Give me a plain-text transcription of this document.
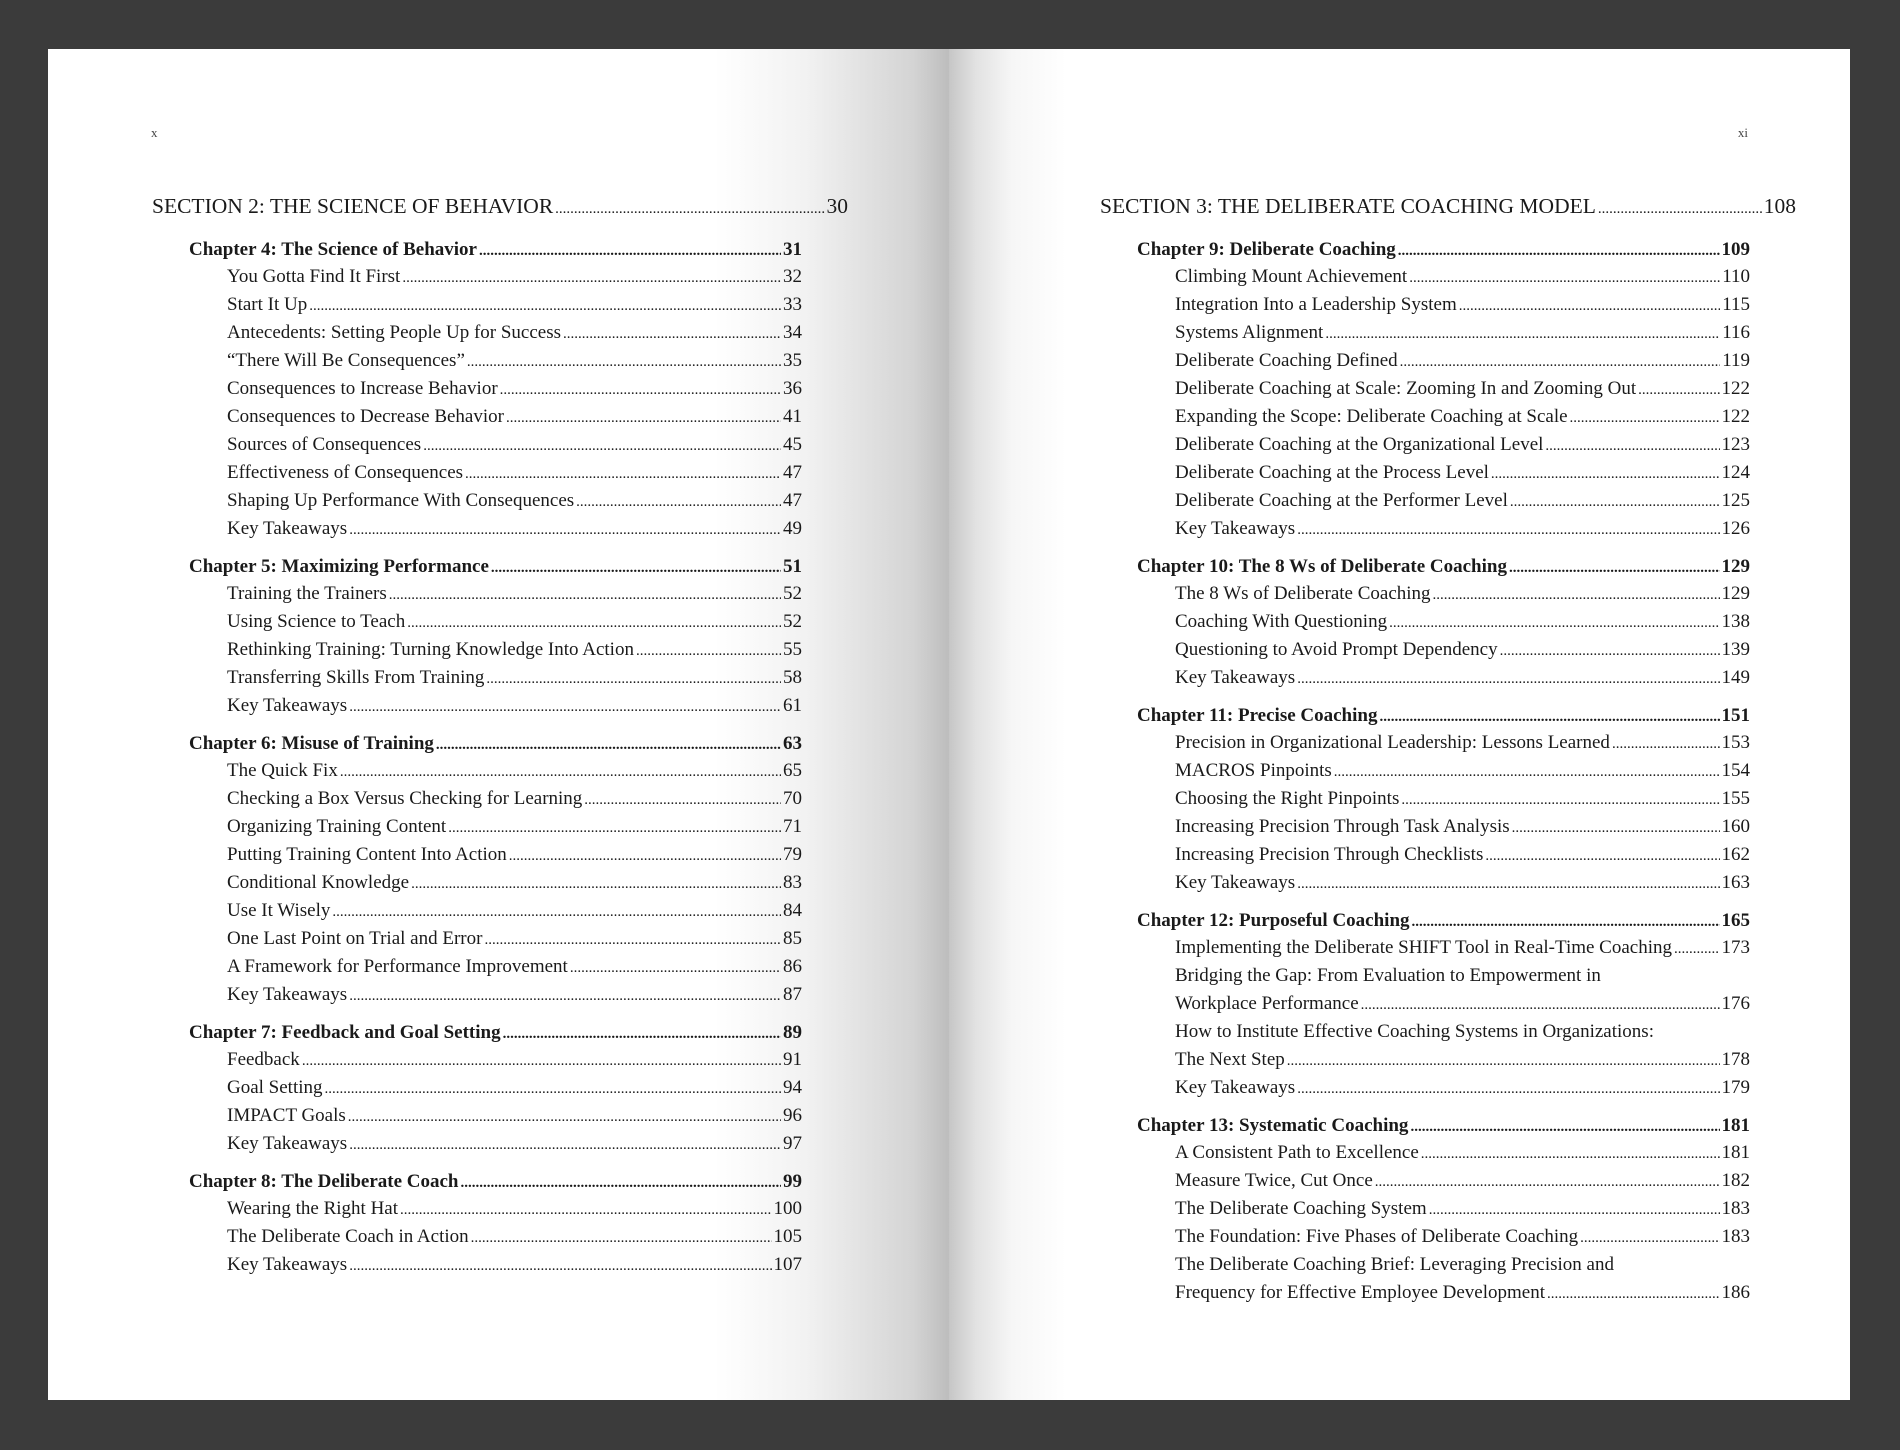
x
SECTION 2: THE SCIENCE OF BEHAVIOR .....	30
Chapter 4: The Science of Behavior .....	31
You Gotta Find It First .....	32
Start It Up .....	33
Antecedents: Setting People Up for Success .....	34
“There Will Be Consequences” .....	35
Consequences to Increase Behavior .....	36
Consequences to Decrease Behavior .....	41
Sources of Consequences .....	45
Effectiveness of Consequences .....	47
Shaping Up Performance With Consequences .....	47
Key Takeaways .....	49
Chapter 5: Maximizing Performance .....	51
Training the Trainers .....	52
Using Science to Teach .....	52
Rethinking Training: Turning Knowledge Into Action .....	55
Transferring Skills From Training .....	58
Key Takeaways .....	61
Chapter 6: Misuse of Training .....	63
The Quick Fix .....	65
Checking a Box Versus Checking for Learning .....	70
Organizing Training Content .....	71
Putting Training Content Into Action .....	79
Conditional Knowledge .....	83
Use It Wisely .....	84
One Last Point on Trial and Error .....	85
A Framework for Performance Improvement .....	86
Key Takeaways .....	87
Chapter 7: Feedback and Goal Setting .....	89
Feedback .....	91
Goal Setting .....	94
IMPACT Goals .....	96
Key Takeaways .....	97
Chapter 8: The Deliberate Coach .....	99
Wearing the Right Hat .....	100
The Deliberate Coach in Action .....	105
Key Takeaways .....	107
xi
SECTION 3: THE DELIBERATE COACHING MODEL .....	108
Chapter 9: Deliberate Coaching .....	109
Climbing Mount Achievement .....	110
Integration Into a Leadership System .....	115
Systems Alignment .....	116
Deliberate Coaching Defined .....	119
Deliberate Coaching at Scale: Zooming In and Zooming Out .....	122
Expanding the Scope: Deliberate Coaching at Scale .....	122
Deliberate Coaching at the Organizational Level .....	123
Deliberate Coaching at the Process Level .....	124
Deliberate Coaching at the Performer Level .....	125
Key Takeaways .....	126
Chapter 10: The 8 Ws of Deliberate Coaching .....	129
The 8 Ws of Deliberate Coaching .....	129
Coaching With Questioning .....	138
Questioning to Avoid Prompt Dependency .....	139
Key Takeaways .....	149
Chapter 11: Precise Coaching .....	151
Precision in Organizational Leadership: Lessons Learned .....	153
MACROS Pinpoints .....	154
Choosing the Right Pinpoints .....	155
Increasing Precision Through Task Analysis .....	160
Increasing Precision Through Checklists .....	162
Key Takeaways .....	163
Chapter 12: Purposeful Coaching .....	165
Implementing the Deliberate SHIFT Tool in Real-Time Coaching .....	173
Bridging the Gap: From Evaluation to Empowerment in
Workplace Performance .....	176
How to Institute Effective Coaching Systems in Organizations:
The Next Step .....	178
Key Takeaways .....	179
Chapter 13: Systematic Coaching .....	181
A Consistent Path to Excellence .....	181
Measure Twice, Cut Once .....	182
The Deliberate Coaching System .....	183
The Foundation: Five Phases of Deliberate Coaching .....	183
The Deliberate Coaching Brief: Leveraging Precision and
Frequency for Effective Employee Development .....	186
